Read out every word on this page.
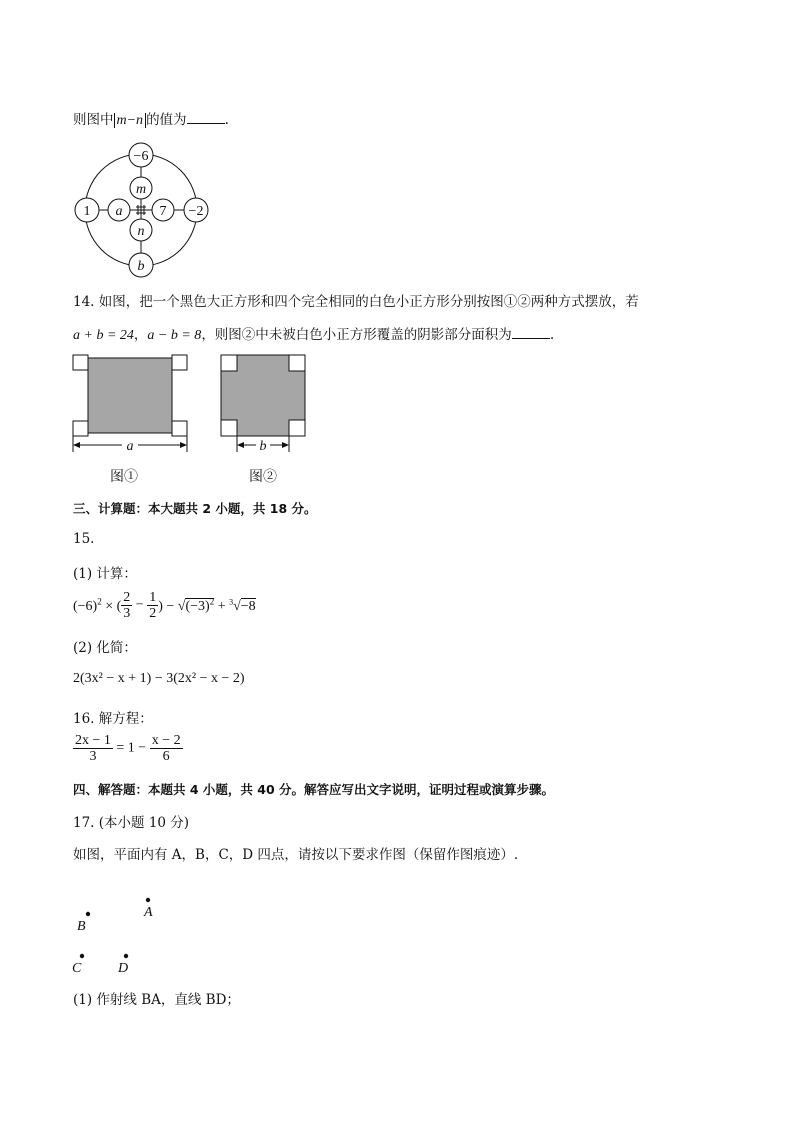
则图中 m−n 的值为	.
−6
1	−2
b
m
a	7
n
14. 如图，把一个黑色大正方形和四个完全相同的白色小正方形分别按图①②两种方式摆放，若
a + b = 24，a − b = 8，则图②中未被白色小正方形覆盖的阴影部分面积为	.
a
图①
b
图②
三、计算题：本大题共 2 小题，共 18 分。
15.
(1) 计算：
$(-6)^2$ × ( $\frac{2}{3} - \frac{1}{2}$ ) − $√(-3)^2 + ^3√-8$
(2) 化简：
2(3x² − x + 1) − 3(2x² − x − 2)
16. 解方程：
$\frac{2x - 1}{3} = 1 - \frac{x - 2}{6}$
四、解答题：本题共 4 小题，共 40 分。解答应写出文字说明，证明过程或演算步骤。
17. (本小题 10 分)
如图，平面内有 A，B，C，D 四点，请按以下要求作图（保留作图痕迹）.
A
B
C	D
(1) 作射线 BA，直线 BD；
